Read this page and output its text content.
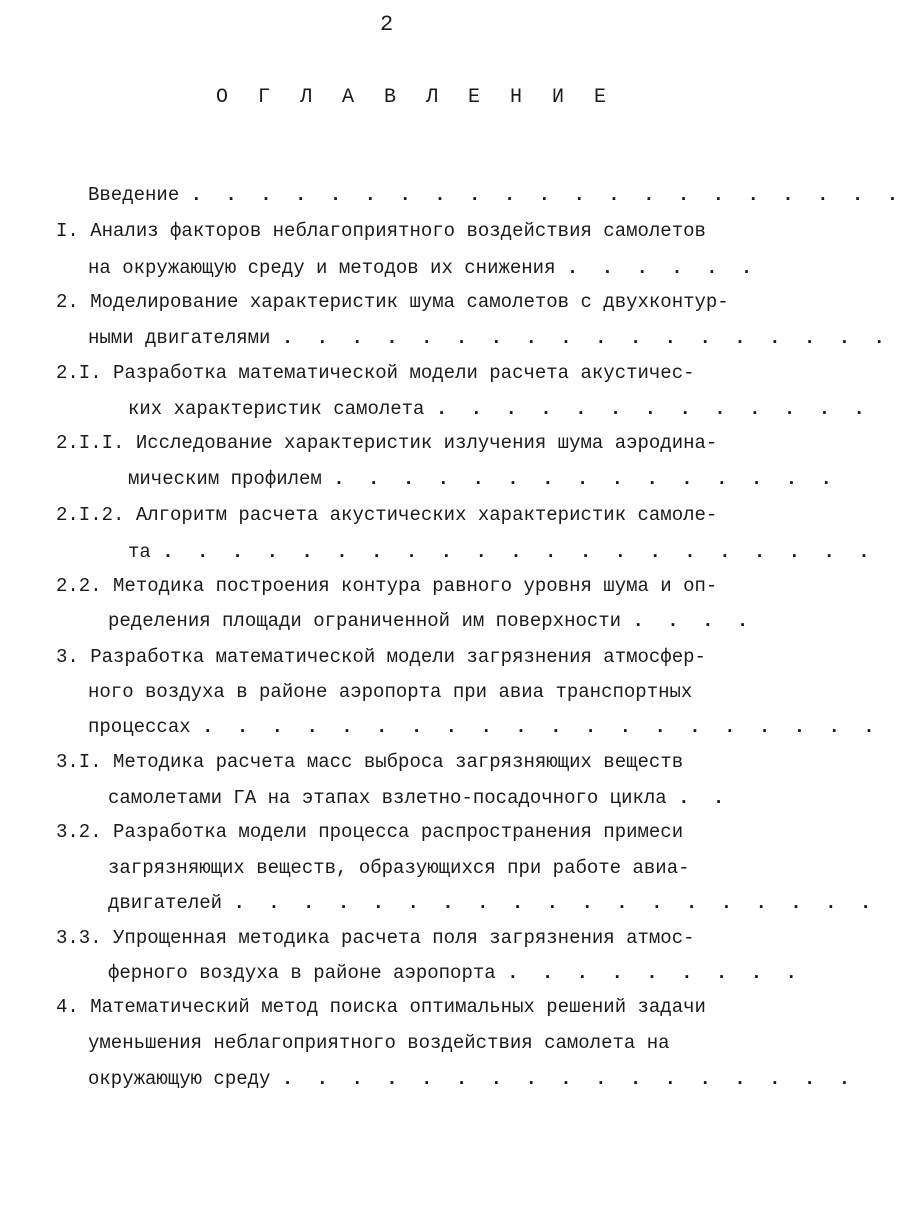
2
О Г Л А В Л Е Н И Е
Введение . . . . . . . . . . . . . . . . . . . . .
I. Анализ факторов неблагоприятного воздействия самолетов
на окружающую среду и методов их снижения . . . . . .
2. Моделирование характеристик шума самолетов с двухконтур-
ными двигателями . . . . . . . . . . . . . . . . . .
2.I. Разработка математической модели расчета акустичес-
ких характеристик самолета . . . . . . . . . . . . .
2.I.I. Исследование характеристик излучения шума аэродина-
мическим профилем . . . . . . . . . . . . . . .
2.I.2. Алгоритм расчета акустических характеристик самоле-
та . . . . . . . . . . . . . . . . . . . . .
2.2. Методика построения контура равного уровня шума и оп-
ределения площади ограниченной им поверхности . . . .
3. Разработка математической модели загрязнения атмосфер-
ного воздуха в районе аэропорта при авиа транспортных
процессах . . . . . . . . . . . . . . . . . . . .
3.I. Методика расчета масс выброса загрязняющих веществ
самолетами ГА на этапах взлетно-посадочного цикла . .
3.2. Разработка модели процесса распространения примеси
загрязняющих веществ, образующихся при работе авиа-
двигателей . . . . . . . . . . . . . . . . . . .
3.3. Упрощенная методика расчета поля загрязнения атмос-
ферного воздуха в районе аэропорта . . . . . . . . .
4. Математический метод поиска оптимальных решений задачи
уменьшения неблагоприятного воздействия самолета на
окружающую среду . . . . . . . . . . . . . . . . .
